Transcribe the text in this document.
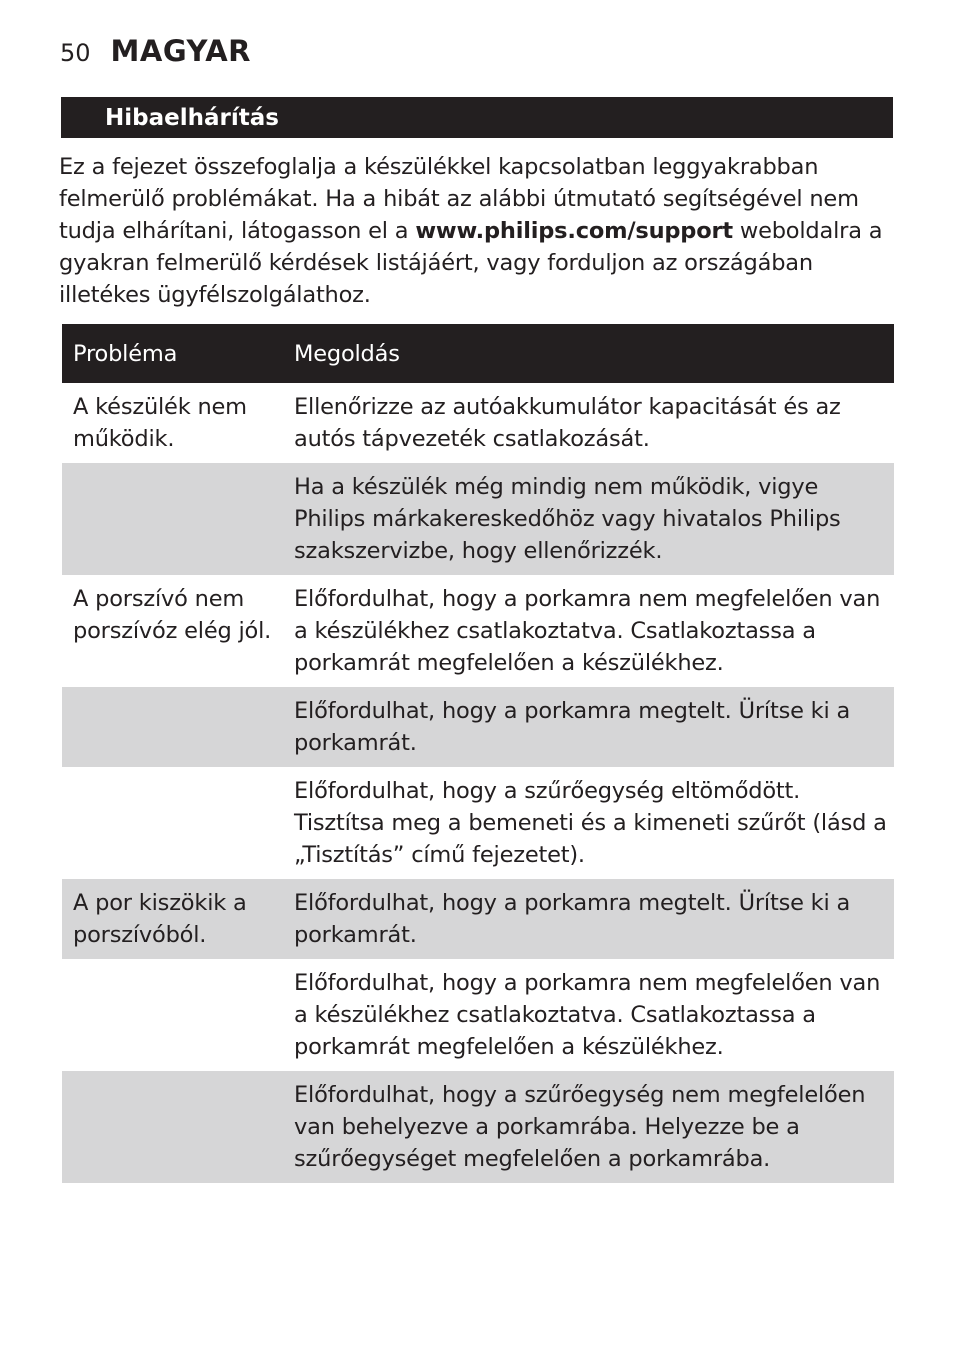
50 MAGYAR
Hibaelhárítás

Ez a fejezet összefoglalja a készülékkel kapcsolatban leggyakrabban felmerülő problémákat. Ha a hibát az alábbi útmutató segítségével nem tudja elhárítani, látogasson el a www.philips.com/support weboldalra a gyakran felmerülő kérdések listájáért, vagy forduljon az országában illetékes ügyfélszolgálathoz.

Probléma	Megoldás
A készülék nem működik.	Ellenőrizze az autóakkumulátor kapacitását és az autós tápvezeték csatlakozását.
	Ha a készülék még mindig nem működik, vigye Philips márkakereskedőhöz vagy hivatalos Philips szakszervizbe, hogy ellenőrizzék.
A porszívó nem porszívóz elég jól.	Előfordulhat, hogy a porkamra nem megfelelően van a készülékhez csatlakoztatva. Csatlakoztassa a porkamrát megfelelően a készülékhez.
	Előfordulhat, hogy a porkamra megtelt. Ürítse ki a porkamrát.
	Előfordulhat, hogy a szűrőegység eltömődött. Tisztítsa meg a bemeneti és a kimeneti szűrőt (lásd a „Tisztítás” című fejezetet).
A por kiszökik a porszívóból.	Előfordulhat, hogy a porkamra megtelt. Ürítse ki a porkamrát.
	Előfordulhat, hogy a porkamra nem megfelelően van a készülékhez csatlakoztatva. Csatlakoztassa a porkamrát megfelelően a készülékhez.
	Előfordulhat, hogy a szűrőegység nem megfelelően van behelyezve a porkamrába. Helyezze be a szűrőegységet megfelelően a porkamrába.
